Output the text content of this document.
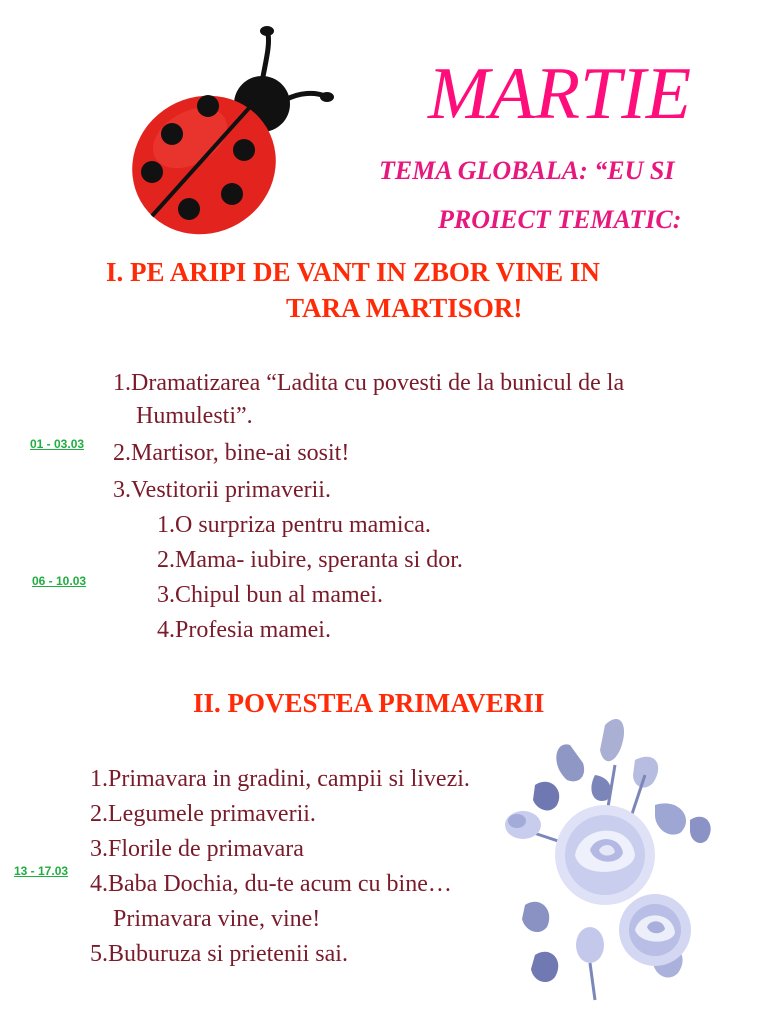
MARTIE
TEMA GLOBALA: “EU SI
PROIECT TEMATIC:
I. PE ARIPI DE VANT IN ZBOR VINE IN
TARA MARTISOR!
1.Dramatizarea “Ladita cu povesti de la bunicul de la
Humulesti”.
2.Martisor, bine-ai sosit!
3.Vestitorii primaverii.
1.O surpriza pentru mamica.
2.Mama- iubire, speranta si dor.
3.Chipul bun al mamei.
4.Profesia mamei.
01 - 03.03
06 - 10.03
II. POVESTEA PRIMAVERII
1.Primavara in gradini, campii si livezi.
2.Legumele primaverii.
3.Florile de primavara
4.Baba Dochia, du-te acum cu bine…
Primavara vine, vine!
5.Buburuza si prietenii sai.
13 - 17.03
